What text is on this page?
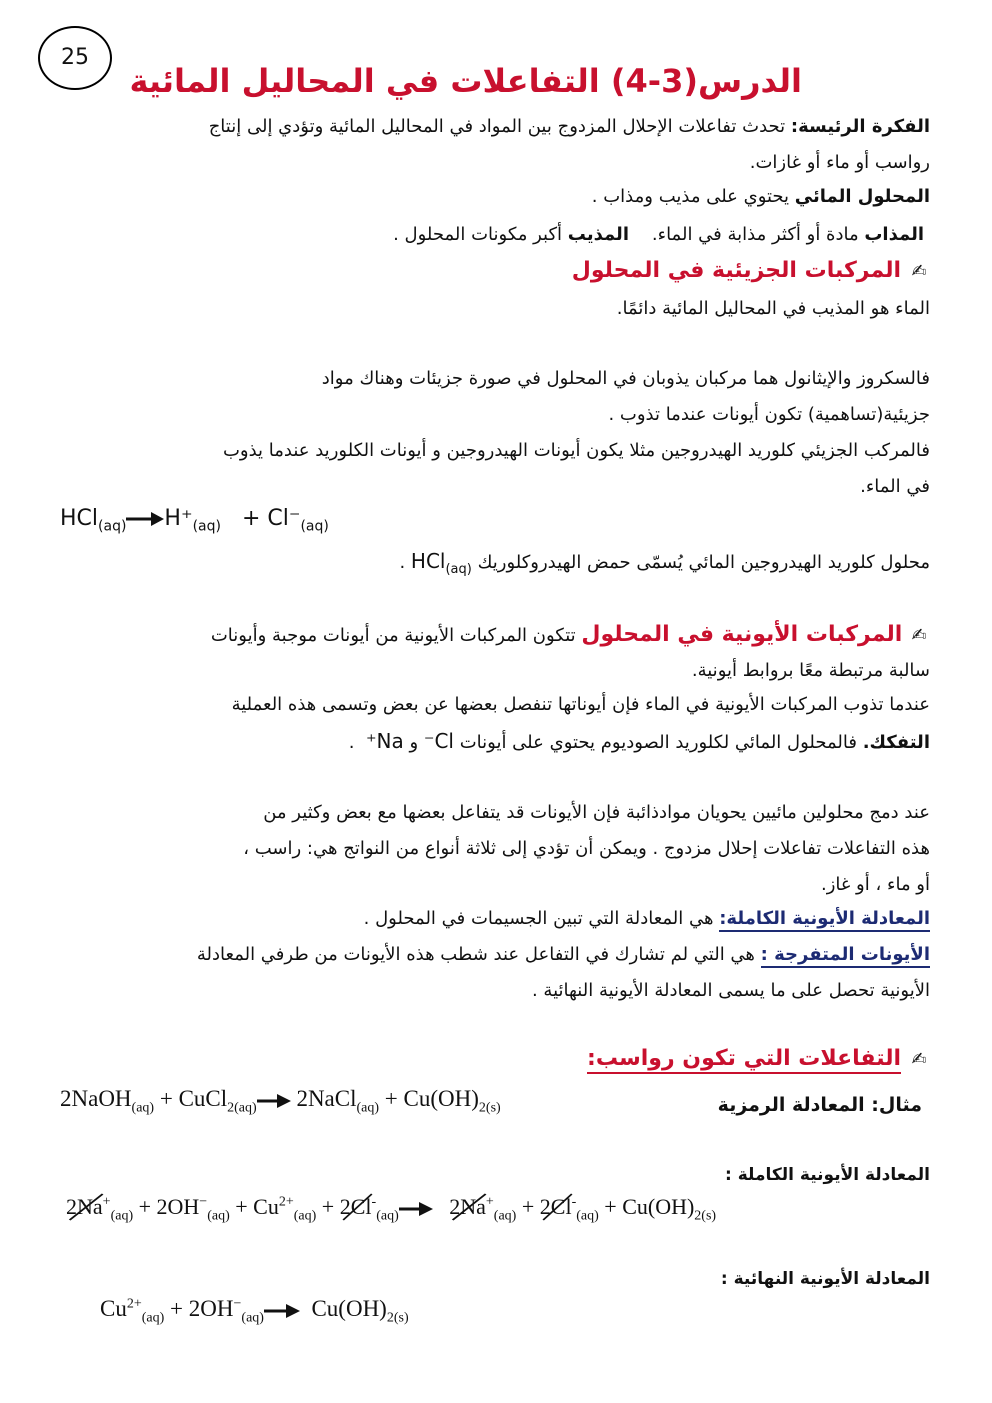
25
الدرس(3-4) التفاعلات في المحاليل المائية
الفكرة الرئيسة: تحدث تفاعلات الإحلال المزدوج بين المواد في المحاليل المائية وتؤدي إلى إنتاج
رواسب أو ماء أو غازات.
المحلول المائي يحتوي على مذيب ومذاب .
المذاب مادة أو أكثر مذابة في الماء.    المذيب أكبر مكونات المحلول .
✍ المركبات الجزيئية في المحلول
الماء هو المذيب في المحاليل المائية دائمًا.
فالسكروز والإيثانول هما مركبان يذوبان في المحلول في صورة جزيئات وهناك مواد
جزيئية(تساهمية) تكون أيونات عندما تذوب .
فالمركب الجزيئي كلوريد الهيدروجين مثلا يكون أيونات الهيدروجين و أيونات الكلوريد عندما يذوب
في الماء.
$HCl_{(aq)}\to H^+_{(aq)} + Cl^-_{(aq)}$
محلول كلوريد الهيدروجين المائي يُسمّى حمض الهيدروكلوريك HCl$_{(aq)}$ .
✍ المركبات الأيونية في المحلول تتكون المركبات الأيونية من أيونات موجبة وأيونات
سالبة مرتبطة معًا بروابط أيونية.
عندما تذوب المركبات الأيونية في الماء فإن أيوناتها تنفصل بعضها عن بعض وتسمى هذه العملية
التفكك. فالمحلول المائي لكلوريد الصوديوم يحتوي على أيونات Cl⁻ و Na⁺  .
عند دمج محلولين مائيين يحويان موادذائبة فإن الأيونات قد يتفاعل بعضها مع بعض وكثير من
هذه التفاعلات تفاعلات إحلال مزدوج . ويمكن أن تؤدي إلى ثلاثة أنواع من النواتج هي: راسب ،
أو ماء ، أو غاز.
المعادلة الأيونية الكاملة: هي المعادلة التي تبين الجسيمات في المحلول .
الأيونات المتفرجة : هي التي لم تشارك في التفاعل عند شطب هذه الأيونات من طرفي المعادلة
الأيونية تحصل على ما يسمى المعادلة الأيونية النهائية .
✍ التفاعلات التي تكون رواسب:
مثال: المعادلة الرمزية
2NaOH$_{(aq)}$ + CuCl$_{2(aq)}$→ 2NaCl$_{(aq)}$ + $Cu(OH)_{2(s)}$
المعادلة الأيونية الكاملة :
2Na
$^+_{(aq)} + 2OH^-_{(aq)} + Cu^{2+}_{(aq)} + 2Cl$
-$_{(aq)}$→ 2Na
+$_{(aq)}$ + 2Cl
$^-_{(aq)} + Cu(OH)_{2(s)}$
المعادلة الأيونية النهائية :
$Cu^{2+}_{(aq)} + 2OH^-_{(aq)}\to Cu(OH)_{2(s)}$
